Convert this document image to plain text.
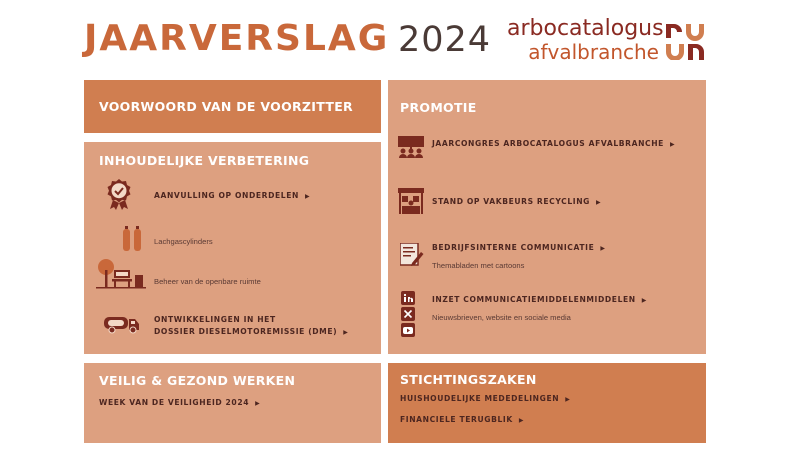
JAARVERSLAG 2024 arbocatalogus
afvalbranche
VOORWOORD VAN DE VOORZITTER
INHOUDELIJKE VERBETERING
AANVULLING OP ONDERDELEN ▶
Lachgascylinders
Beheer van de openbare ruimte
ONTWIKKELINGEN IN HET
DOSSIER DIESELMOTOREMISSIE (DME) ▶
VEILIG & GEZOND WERKEN
WEEK VAN DE VEILIGHEID 2024 ▶
PROMOTIE
JAARCONGRES ARBOCATALOGUS AFVALBRANCHE ▶
STAND OP VAKBEURS RECYCLING ▶
BEDRIJFSINTERNE COMMUNICATIE ▶
Themabladen met cartoons
INZET COMMUNICATIEMIDDELENMIDDELEN ▶
Nieuwsbrieven, website en sociale media
STICHTINGSZAKEN
HUISHOUDELIJKE MEDEDELINGEN ▶
FINANCIELE TERUGBLIK ▶
